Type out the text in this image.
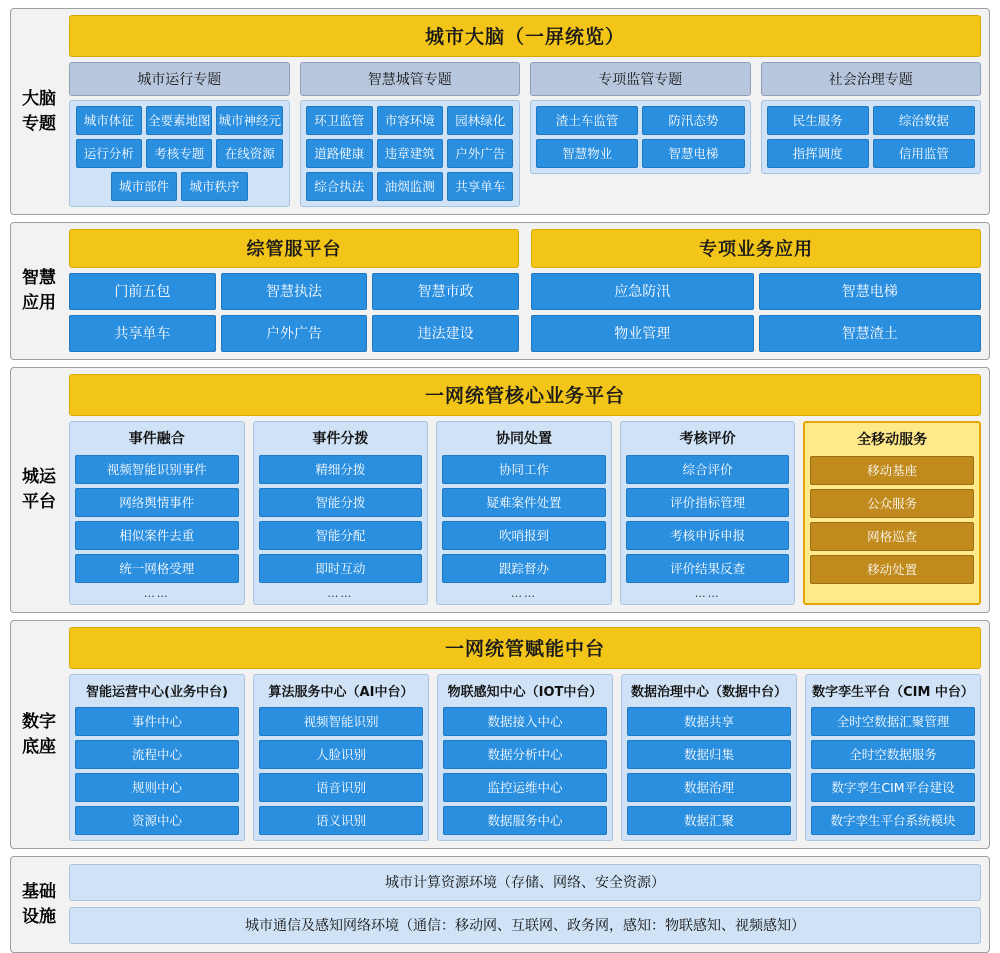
大脑
专题
城市大脑（一屏统览）
城市运行专题
城市体征	全要素地图 城市神经元
运行分析	考核专题	在线资源
城市部件	城市秩序
智慧城管专题
环卫监管	市容环境	园林绿化
道路健康	违章建筑	户外广告
综合执法	油烟监测	共享单车
专项监管专题
渣土车监管	防汛态势
智慧物业	智慧电梯
社会治理专题
民生服务	综治数据
指挥调度	信用监管
智慧
应用
综管服平台
门前五包	智慧执法	智慧市政
共享单车	户外广告	违法建设
专项业务应用
应急防汛	智慧电梯
物业管理	智慧渣土
城运
平台
一网统管核心业务平台
事件融合
视频智能识别事件
网络舆情事件
相似案件去重
统一网格受理
……
事件分拨
精细分拨
智能分拨
智能分配
即时互动
……
协同处置
协同工作
疑难案件处置
吹哨报到
跟踪督办
……
考核评价
综合评价
评价指标管理
考核申诉申报
评价结果反查
……
全移动服务
移动基座
公众服务
网格巡查
移动处置
数字
底座
一网统管赋能中台
智能运营中心(业务中台)
事件中心
流程中心
规则中心
资源中心
算法服务中心（AI中台）
视频智能识别
人脸识别
语音识别
语义识别
物联感知中心（IOT中台）
数据接入中心
数据分析中心
监控运维中心
数据服务中心
数据治理中心（数据中台）
数据共享
数据归集
数据治理
数据汇聚
数字孪生平台（CIM 中台）
全时空数据汇聚管理
全时空数据服务
数字孪生CIM平台建设
数字孪生平台系统模块
基础
设施
城市计算资源环境（存储、网络、安全资源）
城市通信及感知网络环境（通信：移动网、互联网、政务网，感知：物联感知、视频感知）
